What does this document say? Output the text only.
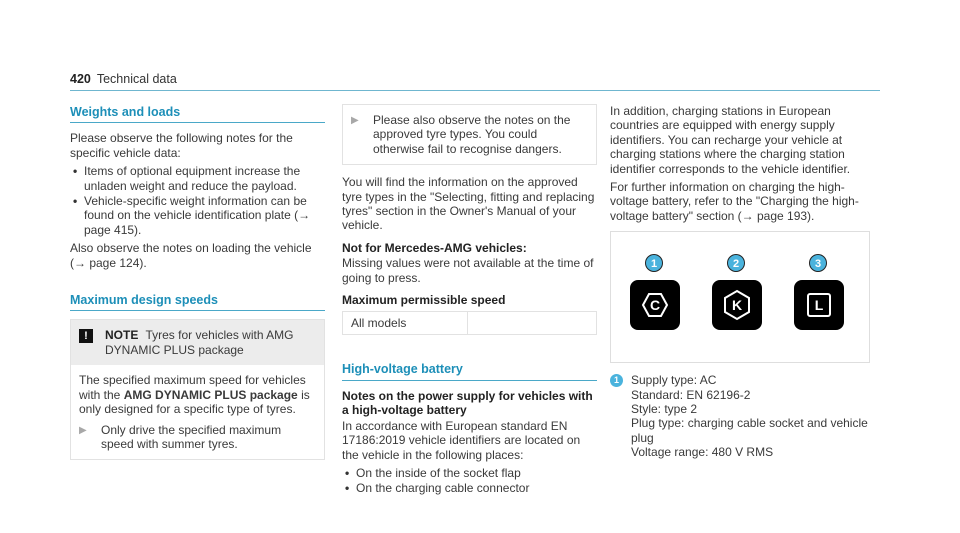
420 Technical data
Weights and loads

Please observe the following notes for the specific vehicle data:

• Items of optional equipment increase the unladen weight and reduce the payload.
• Vehicle-specific weight information can be found on the vehicle identification plate (→ page 415).

Also observe the notes on loading the vehicle (→ page 124).

Maximum design speeds
!	NOTE Tyres for vehicles with AMG DYNAMIC PLUS package
The specified maximum speed for vehicles with the AMG DYNAMIC PLUS package is only designed for a specific type of tyres.
▶	Only drive the specified maximum speed with summer tyres.
▶	Please also observe the notes on the approved tyre types. You could otherwise fail to recognise dangers.

You will find the information on the approved tyre types in the "Selecting, fitting and replacing tyres" section in the Owner's Manual of your vehicle.

Not for Mercedes-AMG vehicles:

Missing values were not available at the time of going to press.

Maximum permissible speed
All models
High-voltage battery
Notes on the power supply for vehicles with a high-voltage battery

In accordance with European standard EN 17186:2019 vehicle identifiers are located on the vehicle in the following places:

• On the inside of the socket flap
• On the charging cable connector

In addition, charging stations in European countries are equipped with energy supply identifiers. You can recharge your vehicle at charging stations where the charging station identifier corresponds to the vehicle identifier.

For further information on charging the high-voltage battery, refer to the "Charging the high-voltage battery" section (→ page 193).

1	2	3
C	K	L
1	Supply type: AC
Standard: EN 62196-2
Style: type 2
Plug type: charging cable socket and vehicle plug
Voltage range: 480 V RMS
